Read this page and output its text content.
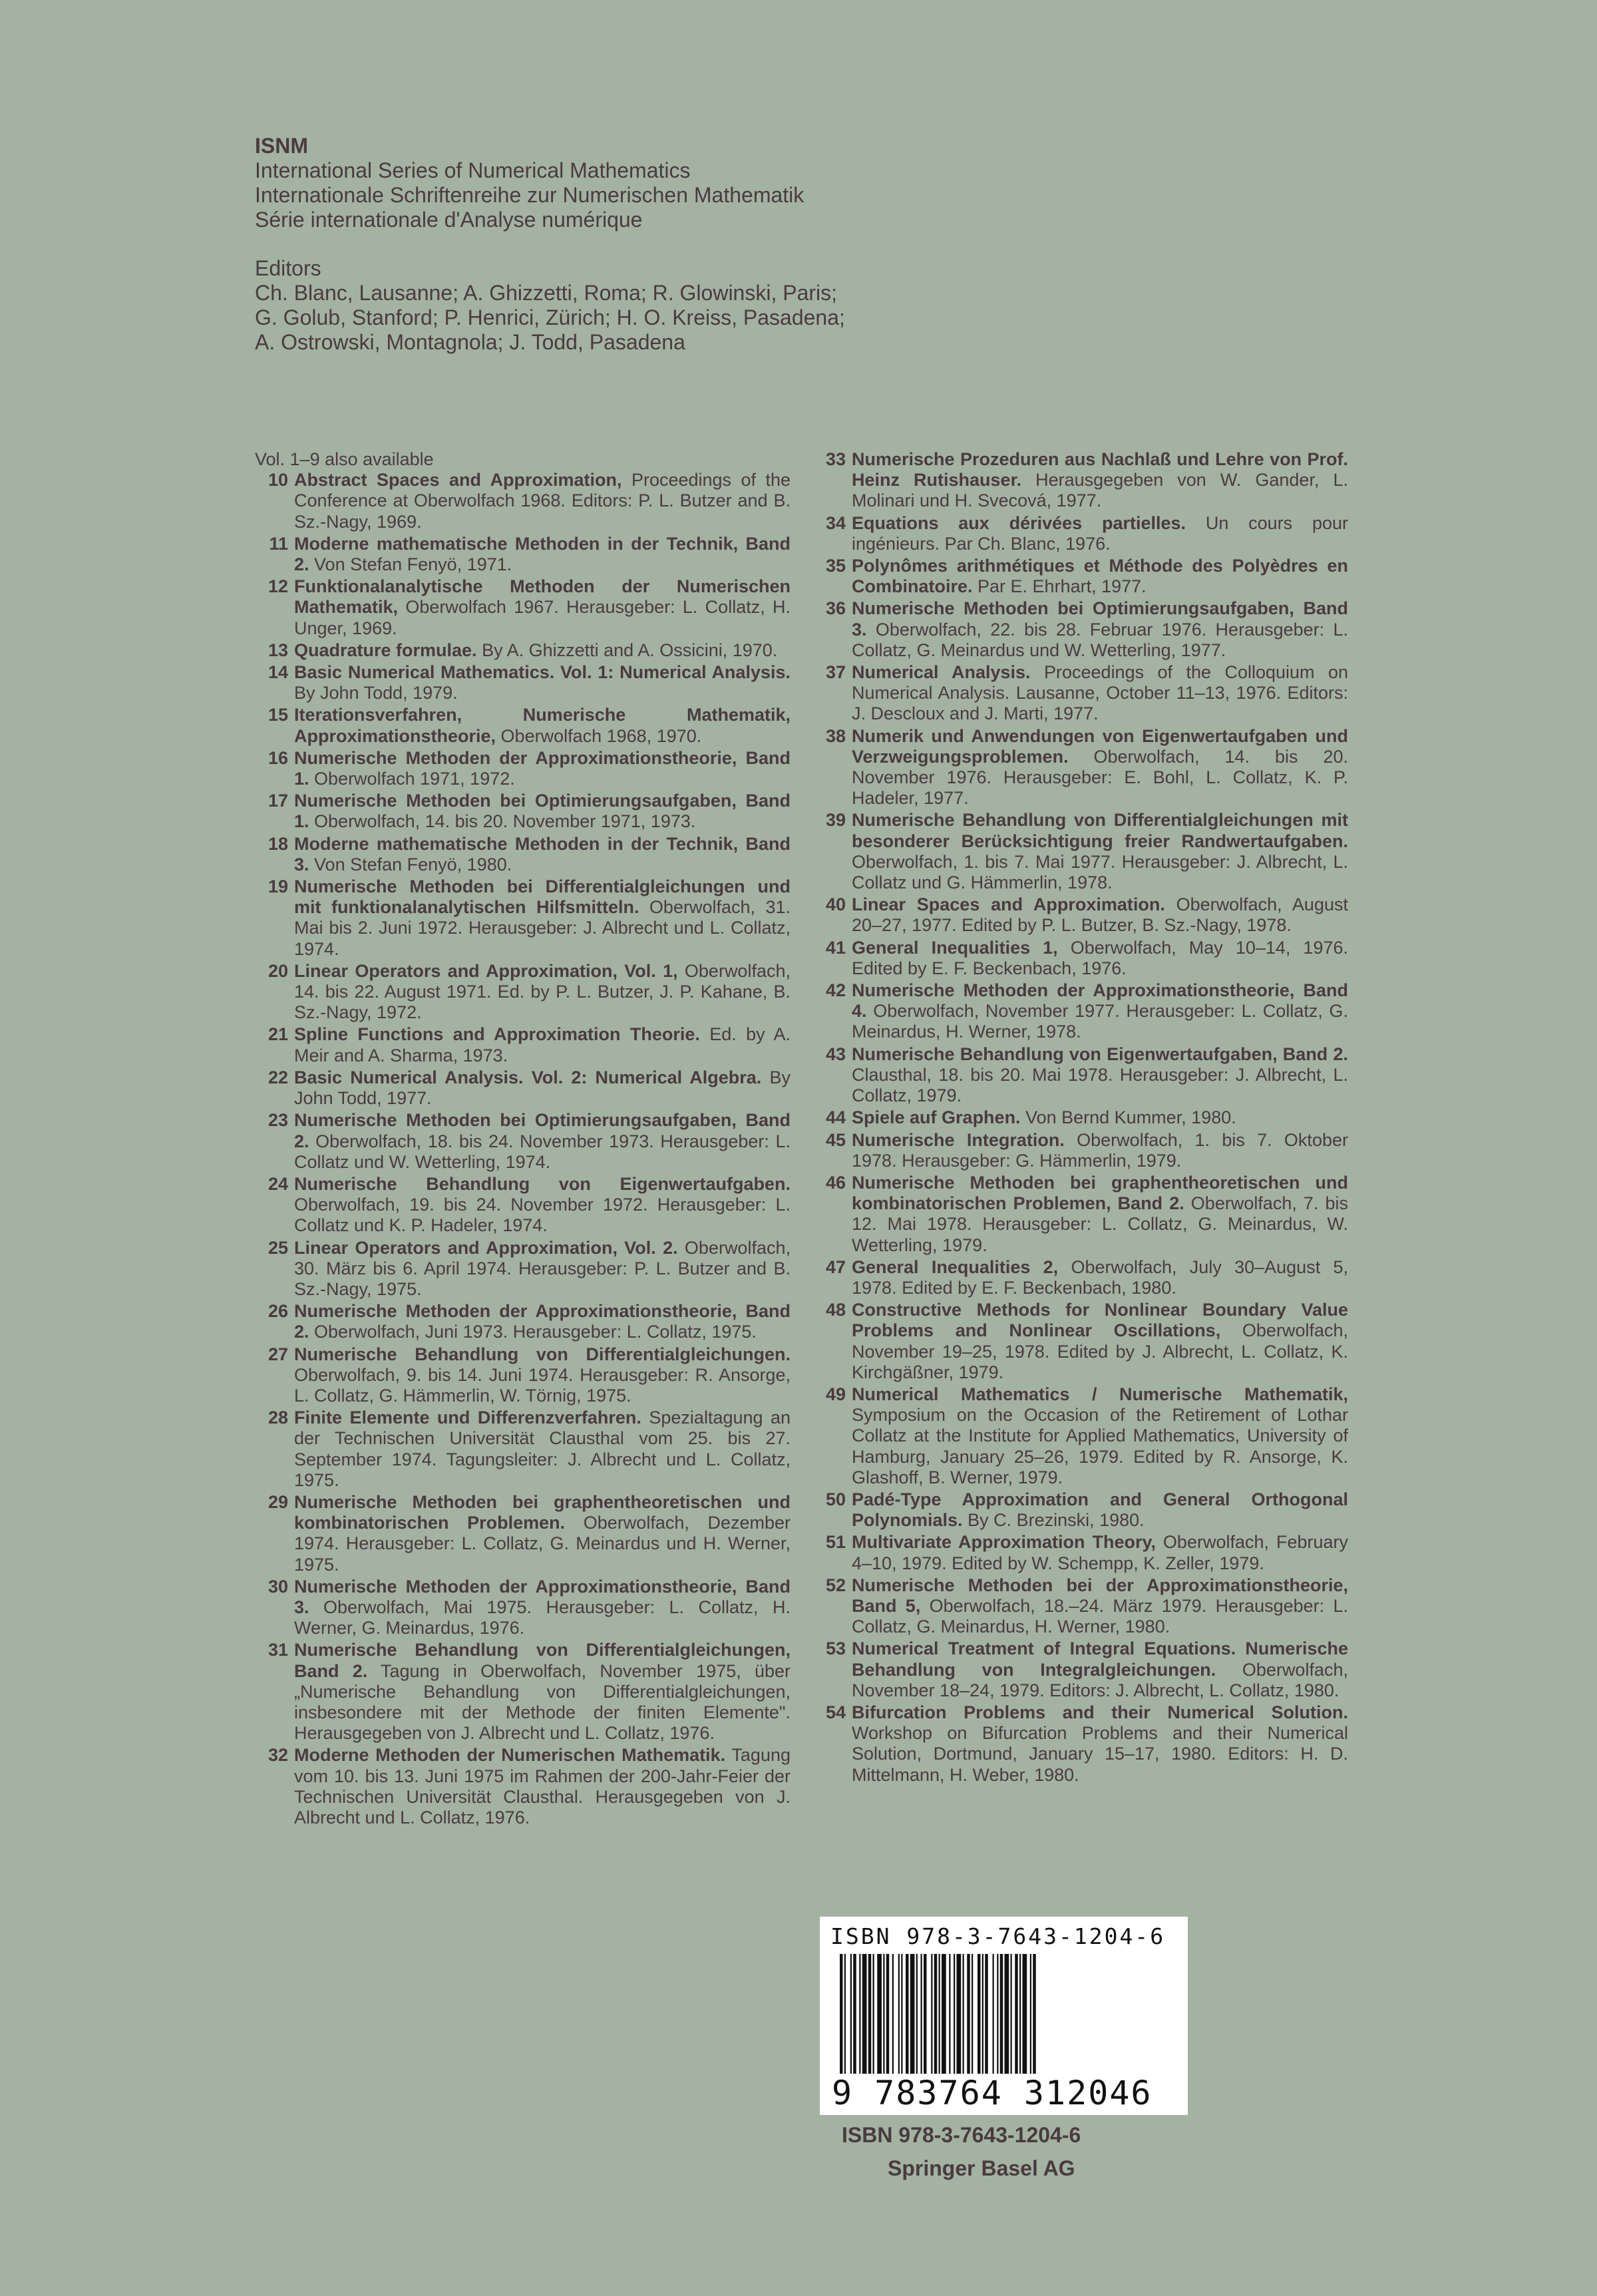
ISNM
International Series of Numerical Mathematics
Internationale Schriftenreihe zur Numerischen Mathematik
Série internationale d'Analyse numérique
Editors
Ch. Blanc, Lausanne; A. Ghizzetti, Roma; R. Glowinski, Paris;
G. Golub, Stanford; P. Henrici, Zürich; H. O. Kreiss, Pasadena;
A. Ostrowski, Montagnola; J. Todd, Pasadena
Vol. 1–9 also available
10 Abstract Spaces and Approximation, Proceedings of the Conference at Oberwolfach 1968. Editors: P. L. Butzer and B. Sz.-Nagy, 1969.
11 Moderne mathematische Methoden in der Technik, Band 2. Von Stefan Fenyö, 1971.
12 Funktionalanalytische Methoden der Numerischen Mathematik, Oberwolfach 1967. Herausgeber: L. Collatz, H. Unger, 1969.
13 Quadrature formulae. By A. Ghizzetti and A. Ossicini, 1970.
14 Basic Numerical Mathematics. Vol. 1: Numerical Analysis. By John Todd, 1979.
15 Iterationsverfahren, Numerische Mathematik, Approximationstheorie, Oberwolfach 1968, 1970.
16 Numerische Methoden der Approximationstheorie, Band 1. Oberwolfach 1971, 1972.
17 Numerische Methoden bei Optimierungsaufgaben, Band 1. Oberwolfach, 14. bis 20. November 1971, 1973.
18 Moderne mathematische Methoden in der Technik, Band 3. Von Stefan Fenyö, 1980.
19 Numerische Methoden bei Differentialgleichungen und mit funktionalanalytischen Hilfsmitteln. Oberwolfach, 31. Mai bis 2. Juni 1972. Herausgeber: J. Albrecht und L. Collatz, 1974.
20 Linear Operators and Approximation, Vol. 1, Oberwolfach, 14. bis 22. August 1971. Ed. by P. L. Butzer, J. P. Kahane, B. Sz.-Nagy, 1972.
21 Spline Functions and Approximation Theorie. Ed. by A. Meir and A. Sharma, 1973.
22 Basic Numerical Analysis. Vol. 2: Numerical Algebra. By John Todd, 1977.
23 Numerische Methoden bei Optimierungsaufgaben, Band 2. Oberwolfach, 18. bis 24. November 1973. Herausgeber: L. Collatz und W. Wetterling, 1974.
24 Numerische Behandlung von Eigenwertaufgaben. Oberwolfach, 19. bis 24. November 1972. Herausgeber: L. Collatz und K. P. Hadeler, 1974.
25 Linear Operators and Approximation, Vol. 2. Oberwolfach, 30. März bis 6. April 1974. Herausgeber: P. L. Butzer and B. Sz.-Nagy, 1975.
26 Numerische Methoden der Approximationstheorie, Band 2. Oberwolfach, Juni 1973. Herausgeber: L. Collatz, 1975.
27 Numerische Behandlung von Differentialgleichungen. Oberwolfach, 9. bis 14. Juni 1974. Herausgeber: R. Ansorge, L. Collatz, G. Hämmerlin, W. Törnig, 1975.
28 Finite Elemente und Differenzverfahren. Spezialtagung an der Technischen Universität Clausthal vom 25. bis 27. September 1974. Tagungsleiter: J. Albrecht und L. Collatz, 1975.
29 Numerische Methoden bei graphentheoretischen und kombinatorischen Problemen. Oberwolfach, Dezember 1974. Herausgeber: L. Collatz, G. Meinardus und H. Werner, 1975.
30 Numerische Methoden der Approximationstheorie, Band 3. Oberwolfach, Mai 1975. Herausgeber: L. Collatz, H. Werner, G. Meinardus, 1976.
31 Numerische Behandlung von Differentialgleichungen, Band 2. Tagung in Oberwolfach, November 1975, über „Numerische Behandlung von Differentialgleichungen, insbesondere mit der Methode der finiten Elemente". Herausgegeben von J. Albrecht und L. Collatz, 1976.
32 Moderne Methoden der Numerischen Mathematik. Tagung vom 10. bis 13. Juni 1975 im Rahmen der 200-Jahr-Feier der Technischen Universität Clausthal. Herausgegeben von J. Albrecht und L. Collatz, 1976.
33 Numerische Prozeduren aus Nachlaß und Lehre von Prof. Heinz Rutishauser. Herausgegeben von W. Gander, L. Molinari und H. Svecová, 1977.
34 Equations aux dérivées partielles. Un cours pour ingénieurs. Par Ch. Blanc, 1976.
35 Polynômes arithmétiques et Méthode des Polyèdres en Combinatoire. Par E. Ehrhart, 1977.
36 Numerische Methoden bei Optimierungsaufgaben, Band 3. Oberwolfach, 22. bis 28. Februar 1976. Herausgeber: L. Collatz, G. Meinardus und W. Wetterling, 1977.
37 Numerical Analysis. Proceedings of the Colloquium on Numerical Analysis. Lausanne, October 11–13, 1976. Editors: J. Descloux and J. Marti, 1977.
38 Numerik und Anwendungen von Eigenwertaufgaben und Verzweigungsproblemen. Oberwolfach, 14. bis 20. November 1976. Herausgeber: E. Bohl, L. Collatz, K. P. Hadeler, 1977.
39 Numerische Behandlung von Differentialgleichungen mit besonderer Berücksichtigung freier Randwertaufgaben. Oberwolfach, 1. bis 7. Mai 1977. Herausgeber: J. Albrecht, L. Collatz und G. Hämmerlin, 1978.
40 Linear Spaces and Approximation. Oberwolfach, August 20–27, 1977. Edited by P. L. Butzer, B. Sz.-Nagy, 1978.
41 General Inequalities 1, Oberwolfach, May 10–14, 1976. Edited by E. F. Beckenbach, 1976.
42 Numerische Methoden der Approximationstheorie, Band 4. Oberwolfach, November 1977. Herausgeber: L. Collatz, G. Meinardus, H. Werner, 1978.
43 Numerische Behandlung von Eigenwertaufgaben, Band 2. Clausthal, 18. bis 20. Mai 1978. Herausgeber: J. Albrecht, L. Collatz, 1979.
44 Spiele auf Graphen. Von Bernd Kummer, 1980.
45 Numerische Integration. Oberwolfach, 1. bis 7. Oktober 1978. Herausgeber: G. Hämmerlin, 1979.
46 Numerische Methoden bei graphentheoretischen und kombinatorischen Problemen, Band 2. Oberwolfach, 7. bis 12. Mai 1978. Herausgeber: L. Collatz, G. Meinardus, W. Wetterling, 1979.
47 General Inequalities 2, Oberwolfach, July 30–August 5, 1978. Edited by E. F. Beckenbach, 1980.
48 Constructive Methods for Nonlinear Boundary Value Problems and Nonlinear Oscillations, Oberwolfach, November 19–25, 1978. Edited by J. Albrecht, L. Collatz, K. Kirchgäßner, 1979.
49 Numerical Mathematics / Numerische Mathematik, Symposium on the Occasion of the Retirement of Lothar Collatz at the Institute for Applied Mathematics, University of Hamburg, January 25–26, 1979. Edited by R. Ansorge, K. Glashoff, B. Werner, 1979.
50 Padé-Type Approximation and General Orthogonal Polynomials. By C. Brezinski, 1980.
51 Multivariate Approximation Theory, Oberwolfach, February 4–10, 1979. Edited by W. Schempp, K. Zeller, 1979.
52 Numerische Methoden bei der Approximationstheorie, Band 5, Oberwolfach, 18.–24. März 1979. Herausgeber: L. Collatz, G. Meinardus, H. Werner, 1980.
53 Numerical Treatment of Integral Equations. Numerische Behandlung von Integralgleichungen. Oberwolfach, November 18–24, 1979. Editors: J. Albrecht, L. Collatz, 1980.
54 Bifurcation Problems and their Numerical Solution. Workshop on Bifurcation Problems and their Numerical Solution, Dortmund, January 15–17, 1980. Editors: H. D. Mittelmann, H. Weber, 1980.
ISBN 978-3-7643-1204-6
9 783764 312046
ISBN 978-3-7643-1204-6
Springer Basel AG
